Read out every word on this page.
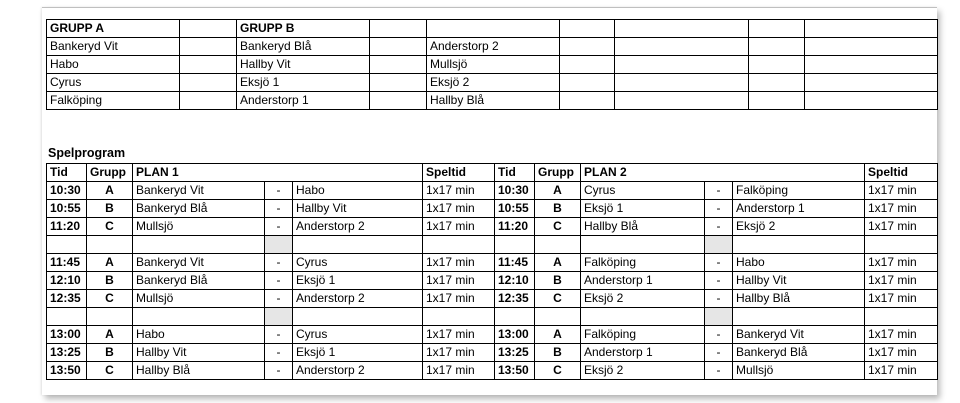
GRUPP A		GRUPP B						
Bankeryd Vit		Bankeryd Blå		Anderstorp 2				
Habo		Hallby Vit		Mullsjö				
Cyrus		Eksjö 1		Eksjö 2				
Falköping		Anderstorp 1		Hallby Blå				
Spelprogram
Tid	Grupp	PLAN 1			Speltid	Tid	Grupp	PLAN 2			Speltid
10:30	A	Bankeryd Vit	-	Habo	1x17 min	10:30	A	Cyrus	-	Falköping	1x17 min
10:55	B	Bankeryd Blå	-	Hallby Vit	1x17 min	10:55	B	Eksjö 1	-	Anderstorp 1	1x17 min
11:20	C	Mullsjö	-	Anderstorp 2	1x17 min	11:20	C	Hallby Blå	-	Eksjö 2	1x17 min

11:45	A	Bankeryd Vit	-	Cyrus	1x17 min	11:45	A	Falköping	-	Habo	1x17 min
12:10	B	Bankeryd Blå	-	Eksjö 1	1x17 min	12:10	B	Anderstorp 1	-	Hallby Vit	1x17 min
12:35	C	Mullsjö	-	Anderstorp 2	1x17 min	12:35	C	Eksjö 2	-	Hallby Blå	1x17 min

13:00	A	Habo	-	Cyrus	1x17 min	13:00	A	Falköping	-	Bankeryd Vit	1x17 min
13:25	B	Hallby Vit	-	Eksjö 1	1x17 min	13:25	B	Anderstorp 1	-	Bankeryd Blå	1x17 min
13:50	C	Hallby Blå	-	Anderstorp 2	1x17 min	13:50	C	Eksjö 2	-	Mullsjö	1x17 min
